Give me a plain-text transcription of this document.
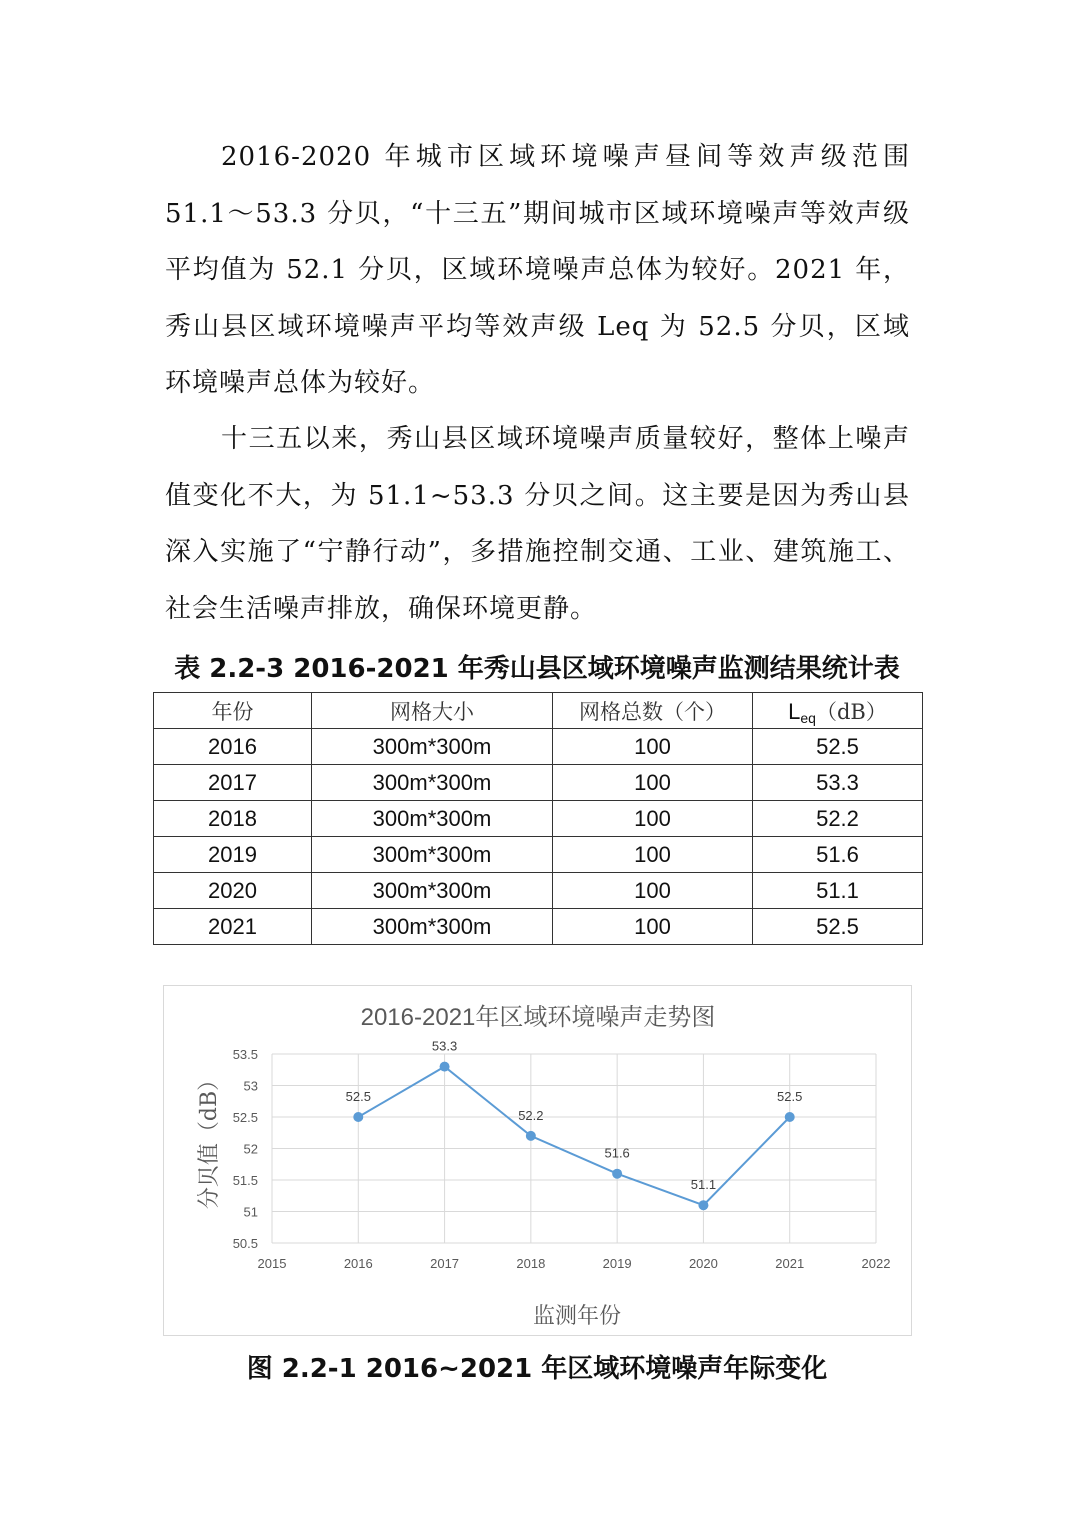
2016-2020 年城市区域环境噪声昼间等效声级范围 51.1～53.3 分贝，“十三五”期间城市区域环境噪声等效声级平均值为 52.1 分贝，区域环境噪声总体为较好。2021 年，秀山县区域环境噪声平均等效声级 Leq 为 52.5 分贝，区域环境噪声总体为较好。

十三五以来，秀山县区域环境噪声质量较好，整体上噪声值变化不大，为 51.1~53.3 分贝之间。这主要是因为秀山县深入实施了“宁静行动”，多措施控制交通、工业、建筑施工、社会生活噪声排放，确保环境更静。

表 2.2-3 2016-2021 年秀山县区域环境噪声监测结果统计表

年份	网格大小	网格总数（个）	$L_{eq}(dB)$
2016	300m*300m	100	52.5
2017	300m*300m	100	53.3
2018	300m*300m	100	52.2
2019	300m*300m	100	51.6
2020	300m*300m	100	51.1
2021	300m*300m	100	52.5
2016-2021年区域环境噪声走势图
2015	2016	2017	2018	2019	2020	2021	2022
50.5
51
51.5
52
52.5
53
53.5
52.5
53.3
52.2
51.6
51.1
52.5
分贝值（dB）
监测年份

图 2.2-1 2016~2021 年区域环境噪声年际变化
